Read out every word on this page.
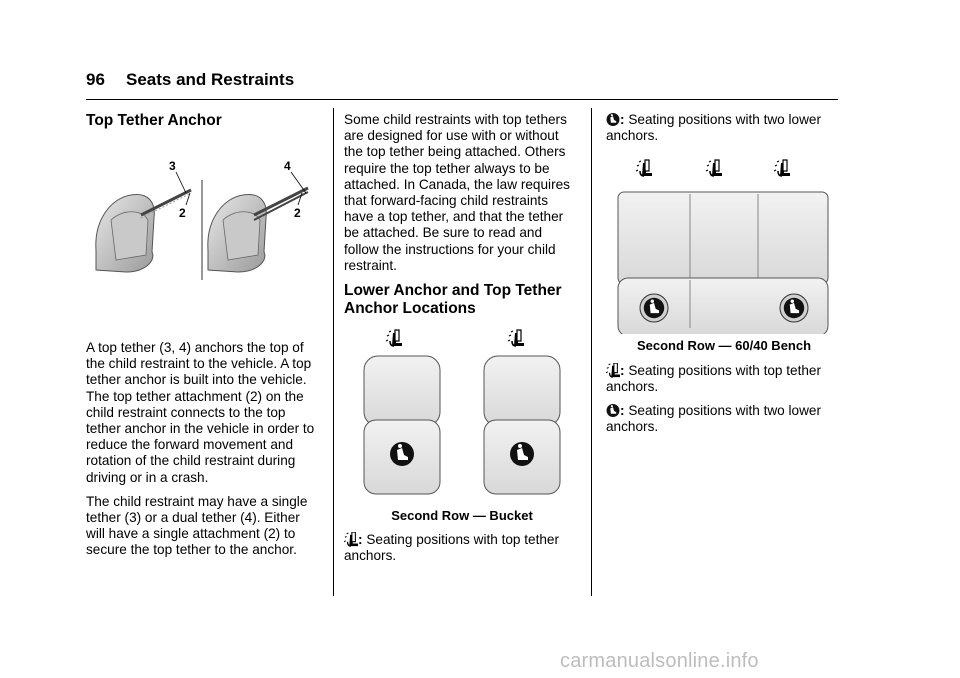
96 Seats and Restraints
Top Tether Anchor
3
2
4
2

A top tether (3, 4) anchors the top of the child restraint to the vehicle. A top tether anchor is built into the vehicle. The top tether attachment (2) on the child restraint connects to the top tether anchor in the vehicle in order to reduce the forward movement and rotation of the child restraint during driving or in a crash.

The child restraint may have a single tether (3) or a dual tether (4). Either will have a single attachment (2) to secure the top tether to the anchor.

Some child restraints with top tethers are designed for use with or without the top tether being attached. Others require the top tether always to be attached. In Canada, the law requires that forward-facing child restraints have a top tether, and that the tether be attached. Be sure to read and follow the instructions for your child restraint.

Lower Anchor and Top Tether Anchor Locations
Second Row — Bucket

: Seating positions with top tether anchors.

: Seating positions with two lower anchors.

Second Row — 60/40 Bench

: Seating positions with top tether anchors.

: Seating positions with two lower anchors.

carmanualsonline.info
